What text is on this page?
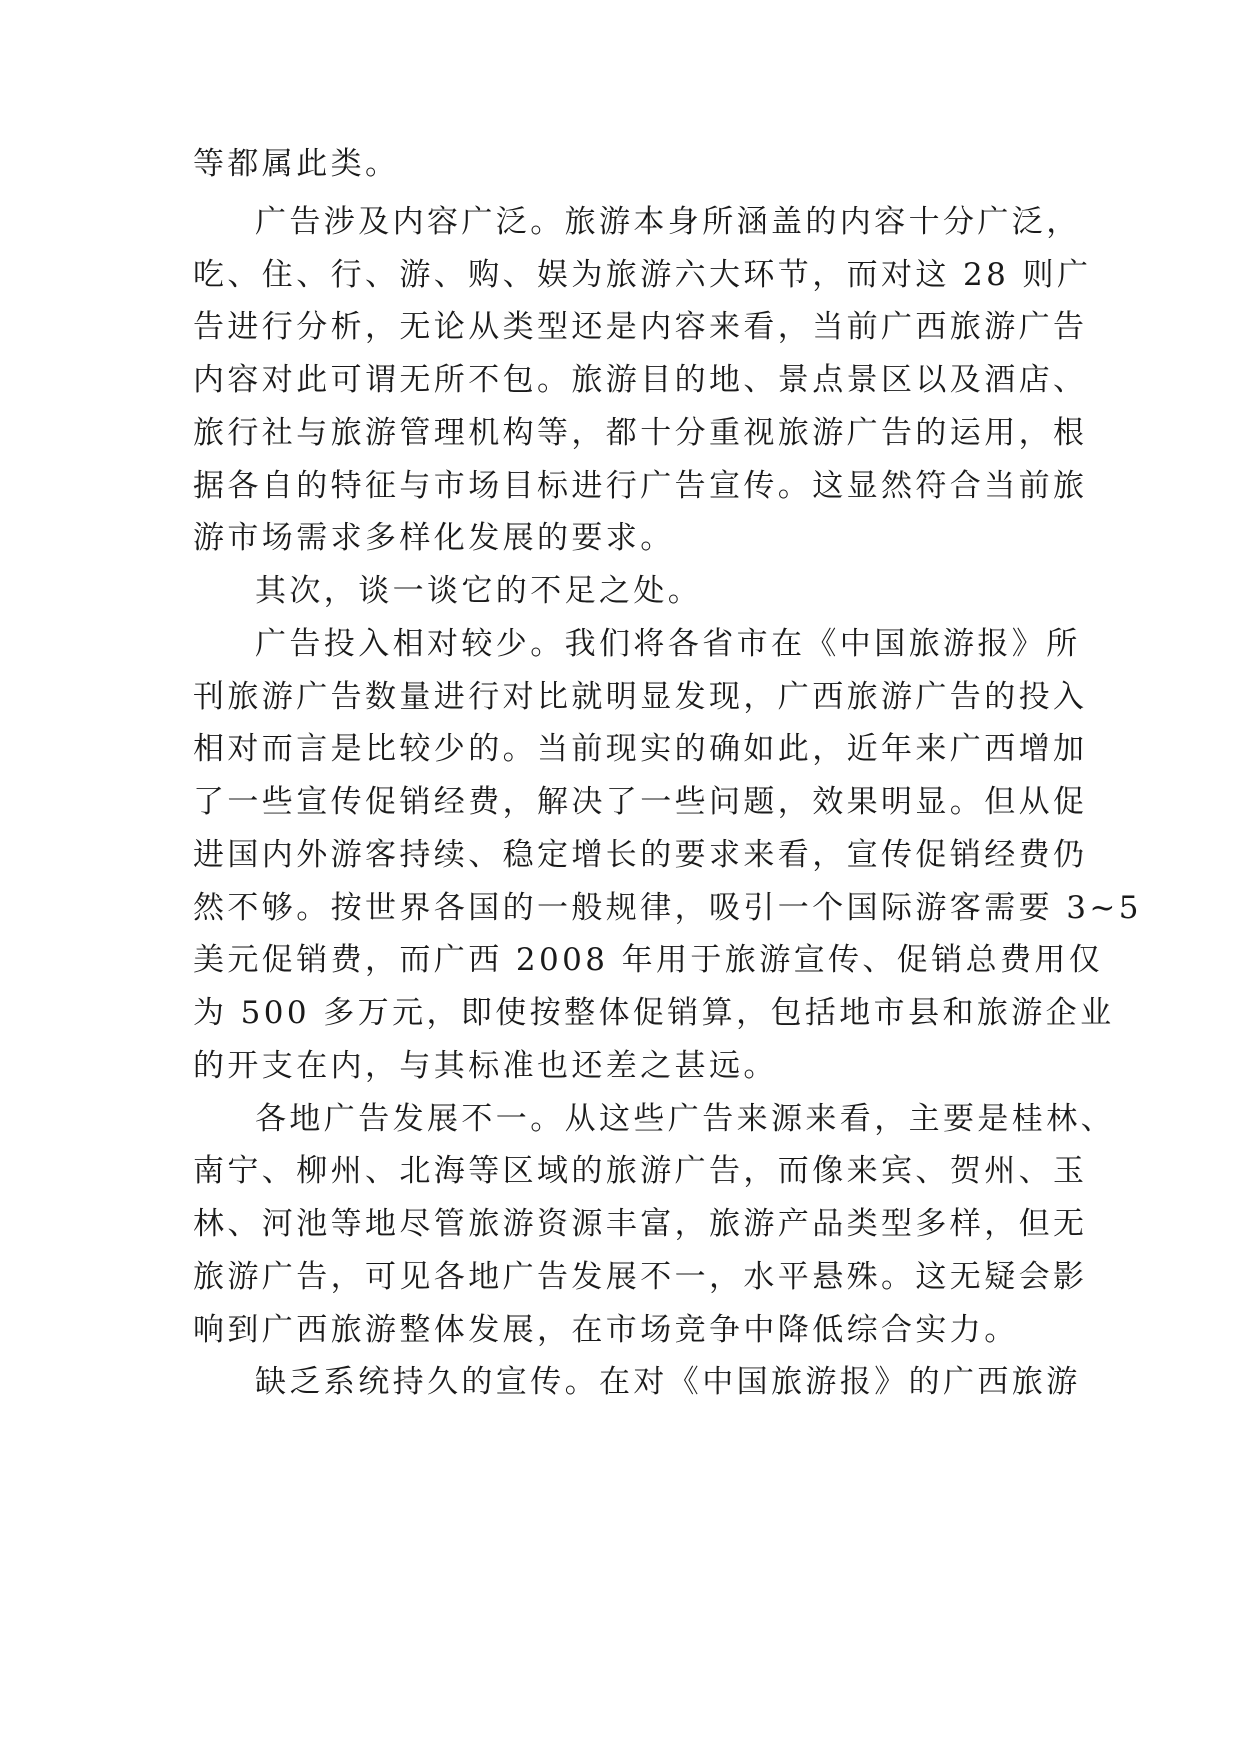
等都属此类。
广告涉及内容广泛。旅游本身所涵盖的内容十分广泛，
吃、住、行、游、购、娱为旅游六大环节，而对这 28 则广
告进行分析，无论从类型还是内容来看，当前广西旅游广告
内容对此可谓无所不包。旅游目的地、景点景区以及酒店、
旅行社与旅游管理机构等，都十分重视旅游广告的运用，根
据各自的特征与市场目标进行广告宣传。这显然符合当前旅
游市场需求多样化发展的要求。
其次，谈一谈它的不足之处。
广告投入相对较少。我们将各省市在《中国旅游报》所
刊旅游广告数量进行对比就明显发现，广西旅游广告的投入
相对而言是比较少的。当前现实的确如此，近年来广西增加
了一些宣传促销经费，解决了一些问题，效果明显。但从促
进国内外游客持续、稳定增长的要求来看，宣传促销经费仍
然不够。按世界各国的一般规律，吸引一个国际游客需要 3~5
美元促销费，而广西 2008 年用于旅游宣传、促销总费用仅
为 500 多万元，即使按整体促销算，包括地市县和旅游企业
的开支在内，与其标准也还差之甚远。
各地广告发展不一。从这些广告来源来看，主要是桂林、
南宁、柳州、北海等区域的旅游广告，而像来宾、贺州、玉
林、河池等地尽管旅游资源丰富，旅游产品类型多样，但无
旅游广告，可见各地广告发展不一，水平悬殊。这无疑会影
响到广西旅游整体发展，在市场竞争中降低综合实力。
缺乏系统持久的宣传。在对《中国旅游报》的广西旅游
